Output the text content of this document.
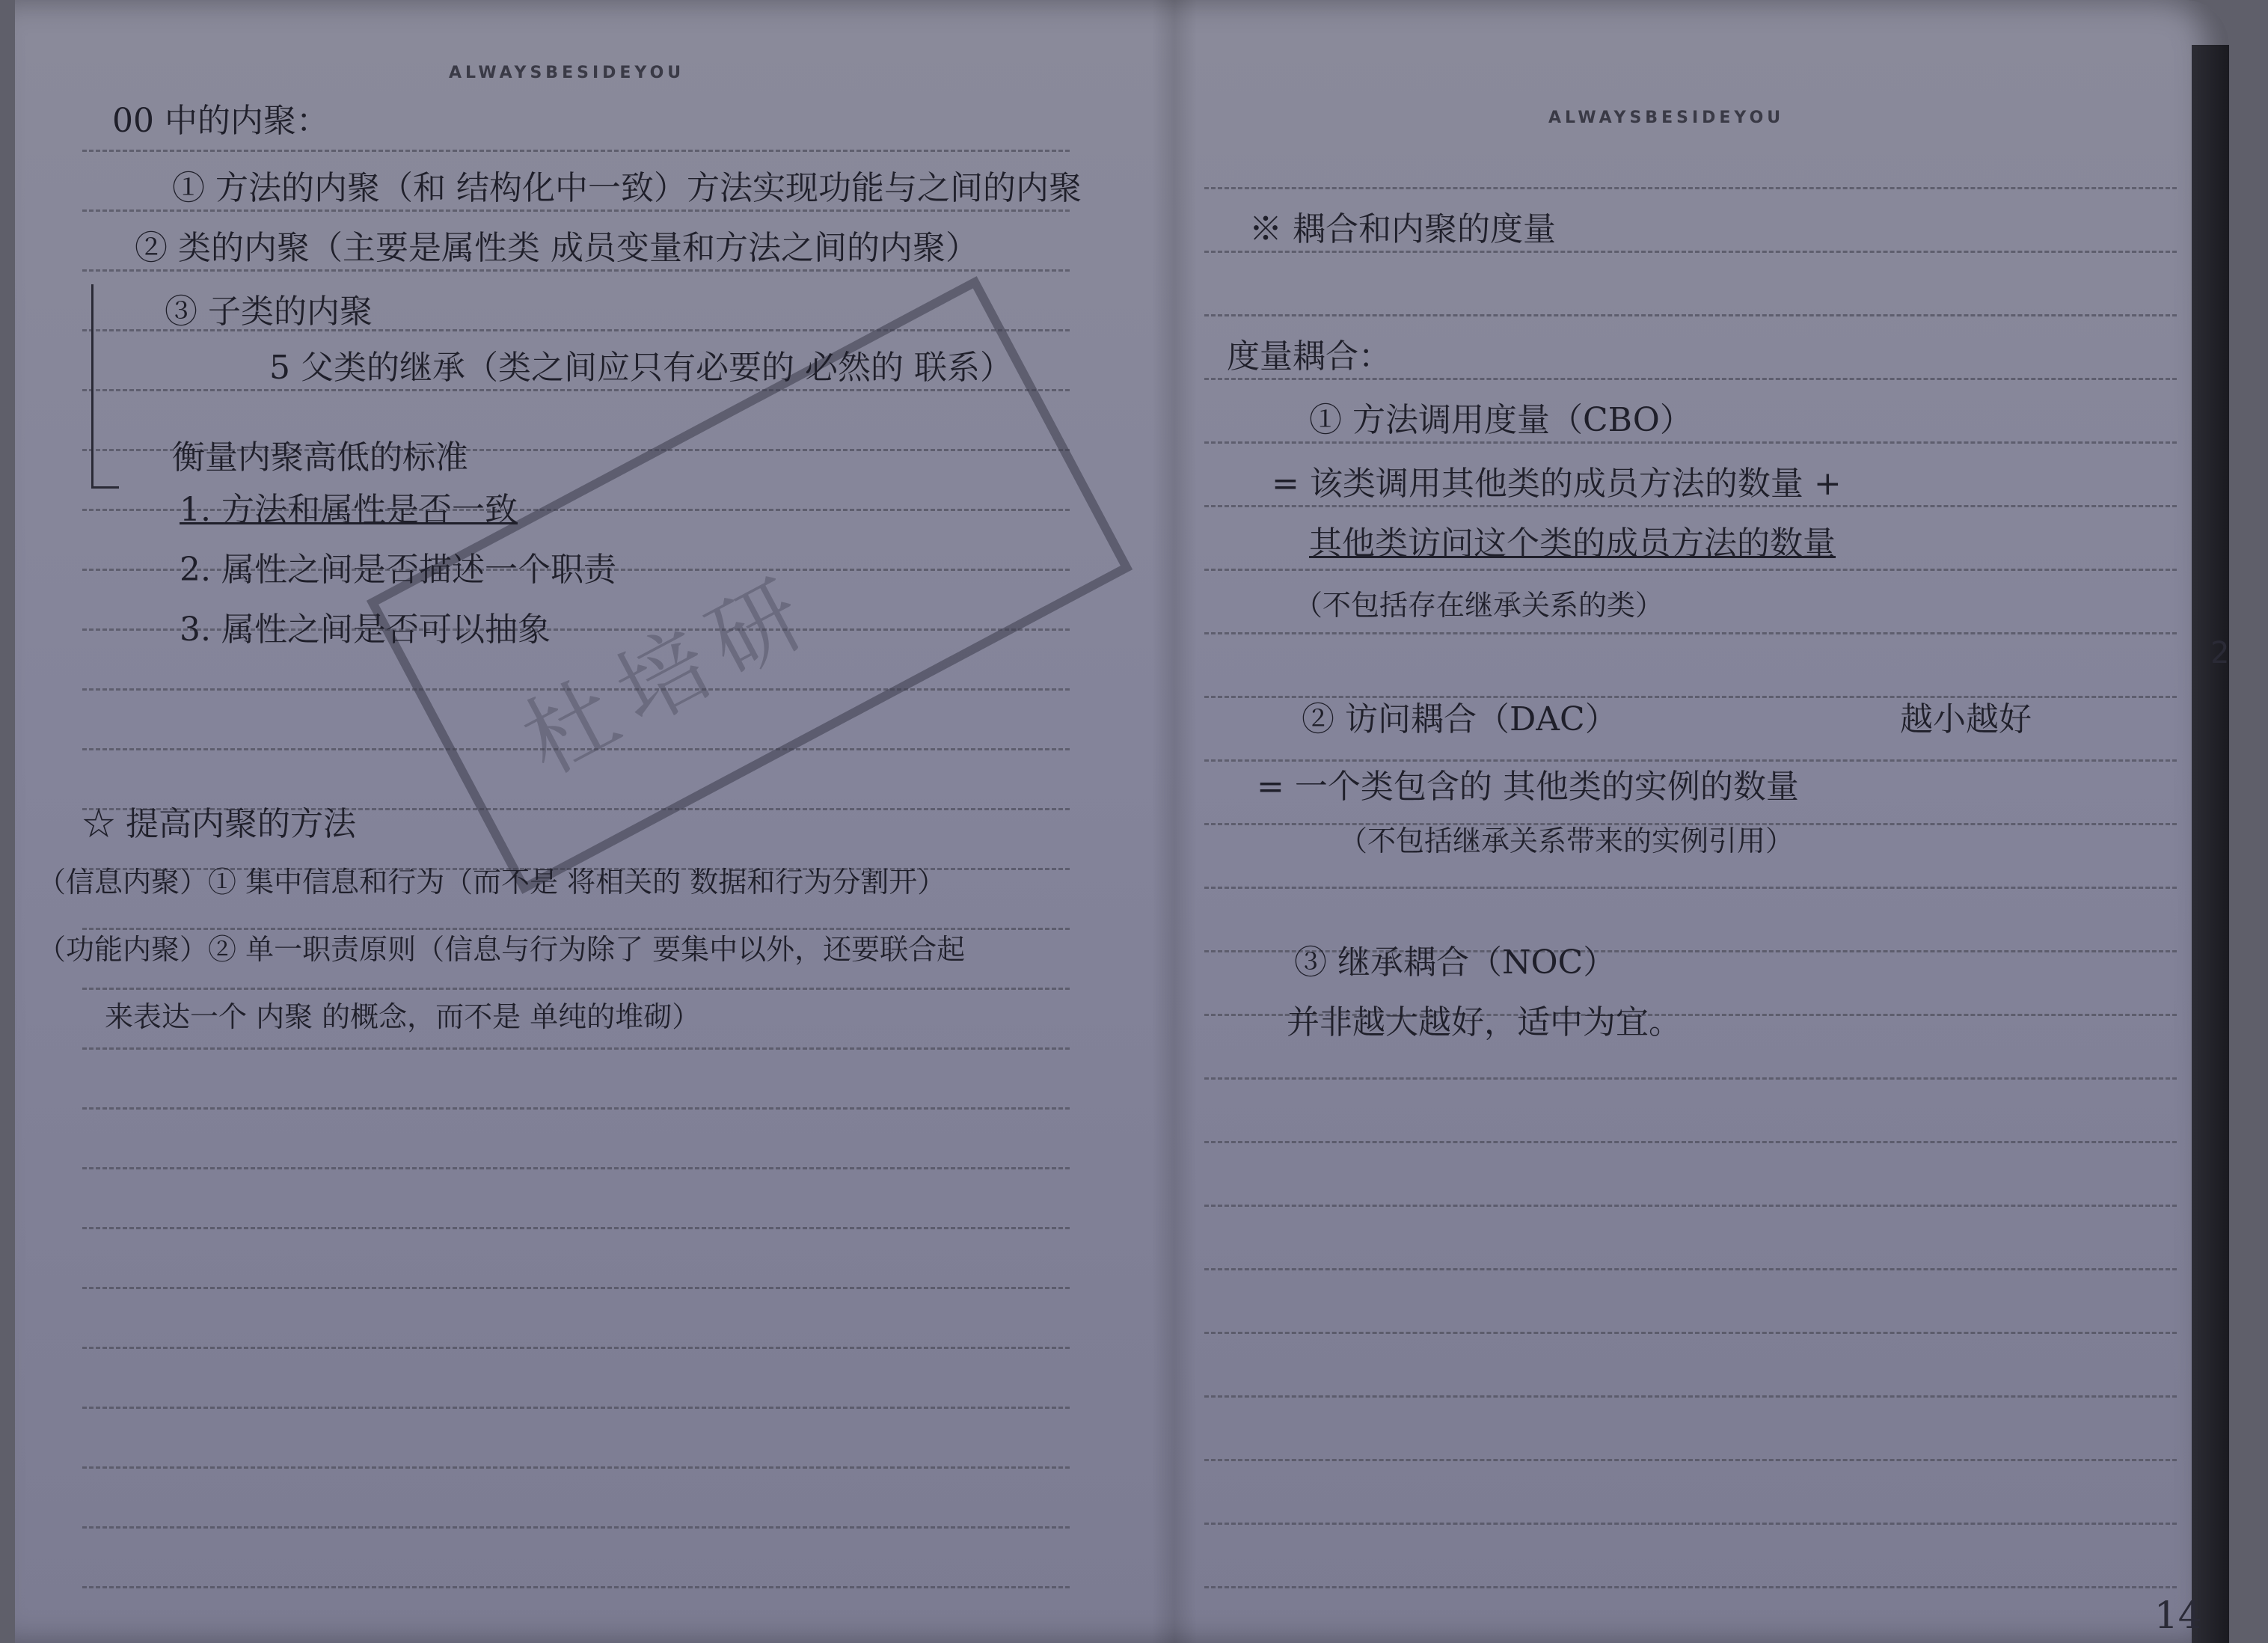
ALWAYSBESIDEYOU
杜培研
00 中的内聚：
① 方法的内聚（和 结构化中一致）方法实现功能与之间的内聚
② 类的内聚（主要是属性类 成员变量和方法之间的内聚）
③ 子类的内聚
5 父类的继承（类之间应只有必要的 必然的 联系）
衡量内聚高低的标准
1. 方法和属性是否一致
2. 属性之间是否描述一个职责
3. 属性之间是否可以抽象
☆ 提高内聚的方法
（信息内聚）① 集中信息和行为（而不是 将相关的 数据和行为分割开）
（功能内聚）② 单一职责原则（信息与行为除了 要集中以外，还要联合起
来表达一个 内聚 的概念，而不是 单纯的堆砌）
ALWAYSBESIDEYOU
※ 耦合和内聚的度量
度量耦合：
① 方法调用度量（CBO）
= 该类调用其他类的成员方法的数量 +
其他类访问这个类的成员方法的数量
（不包括存在继承关系的类）
② 访问耦合（DAC）	越小越好
= 一个类包含的 其他类的实例的数量
（不包括继承关系带来的实例引用）
③ 继承耦合（NOC）
并非越大越好，适中为宜。
2
14
